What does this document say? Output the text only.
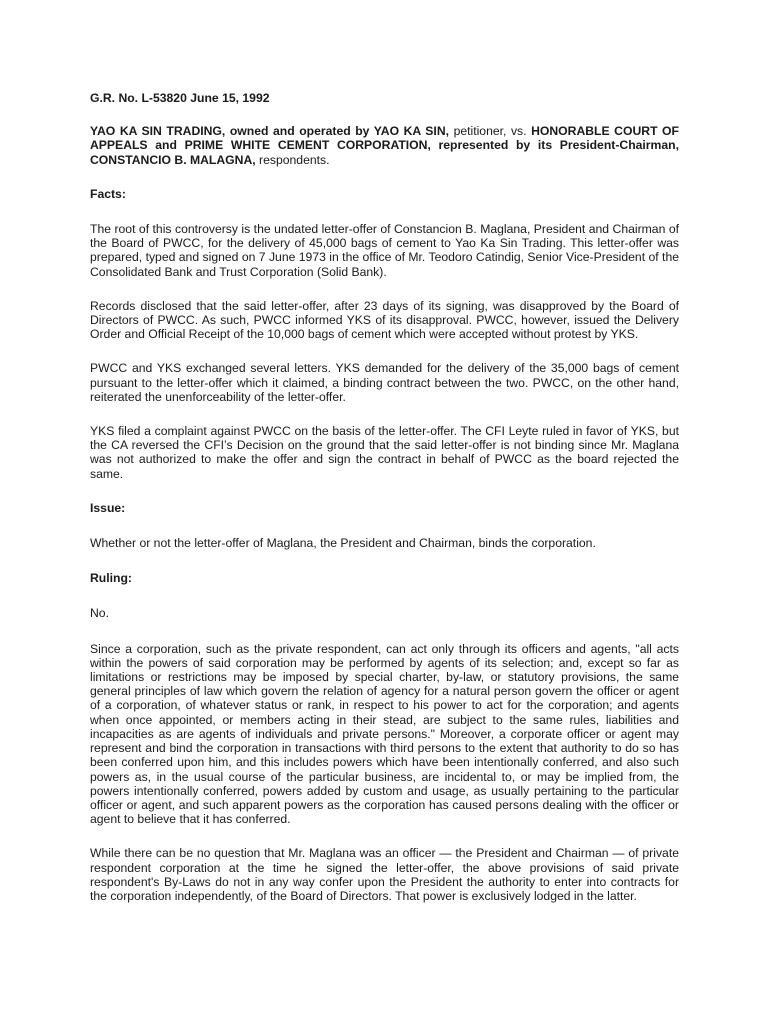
G.R. No. L-53820 June 15, 1992

YAO KA SIN TRADING, owned and operated by YAO KA SIN, petitioner, vs. HONORABLE COURT OF APPEALS and PRIME WHITE CEMENT CORPORATION, represented by its President-Chairman, CONSTANCIO B. MALAGNA, respondents.

Facts:

The root of this controversy is the undated letter-offer of Constancion B. Maglana, President and Chairman of the Board of PWCC, for the delivery of 45,000 bags of cement to Yao Ka Sin Trading. This letter-offer was prepared, typed and signed on 7 June 1973 in the office of Mr. Teodoro Catindig, Senior Vice-President of the Consolidated Bank and Trust Corporation (Solid Bank).

Records disclosed that the said letter-offer, after 23 days of its signing, was disapproved by the Board of Directors of PWCC. As such, PWCC informed YKS of its disapproval. PWCC, however, issued the Delivery Order and Official Receipt of the 10,000 bags of cement which were accepted without protest by YKS.

PWCC and YKS exchanged several letters. YKS demanded for the delivery of the 35,000 bags of cement pursuant to the letter-offer which it claimed, a binding contract between the two. PWCC, on the other hand, reiterated the unenforceability of the letter-offer.

YKS filed a complaint against PWCC on the basis of the letter-offer. The CFI Leyte ruled in favor of YKS, but the CA reversed the CFI’s Decision on the ground that the said letter-offer is not binding since Mr. Maglana was not authorized to make the offer and sign the contract in behalf of PWCC as the board rejected the same.

Issue:

Whether or not the letter-offer of Maglana, the President and Chairman, binds the corporation.

Ruling:

No.

Since a corporation, such as the private respondent, can act only through its officers and agents, "all acts within the powers of said corporation may be performed by agents of its selection; and, except so far as limitations or restrictions may be imposed by special charter, by-law, or statutory provisions, the same general principles of law which govern the relation of agency for a natural person govern the officer or agent of a corporation, of whatever status or rank, in respect to his power to act for the corporation; and agents when once appointed, or members acting in their stead, are subject to the same rules, liabilities and incapacities as are agents of individuals and private persons." Moreover, a corporate officer or agent may represent and bind the corporation in transactions with third persons to the extent that authority to do so has been conferred upon him, and this includes powers which have been intentionally conferred, and also such powers as, in the usual course of the particular business, are incidental to, or may be implied from, the powers intentionally conferred, powers added by custom and usage, as usually pertaining to the particular officer or agent, and such apparent powers as the corporation has caused persons dealing with the officer or agent to believe that it has conferred.

While there can be no question that Mr. Maglana was an officer — the President and Chairman — of private respondent corporation at the time he signed the letter-offer, the above provisions of said private respondent's By-Laws do not in any way confer upon the President the authority to enter into contracts for the corporation independently, of the Board of Directors. That power is exclusively lodged in the latter.
